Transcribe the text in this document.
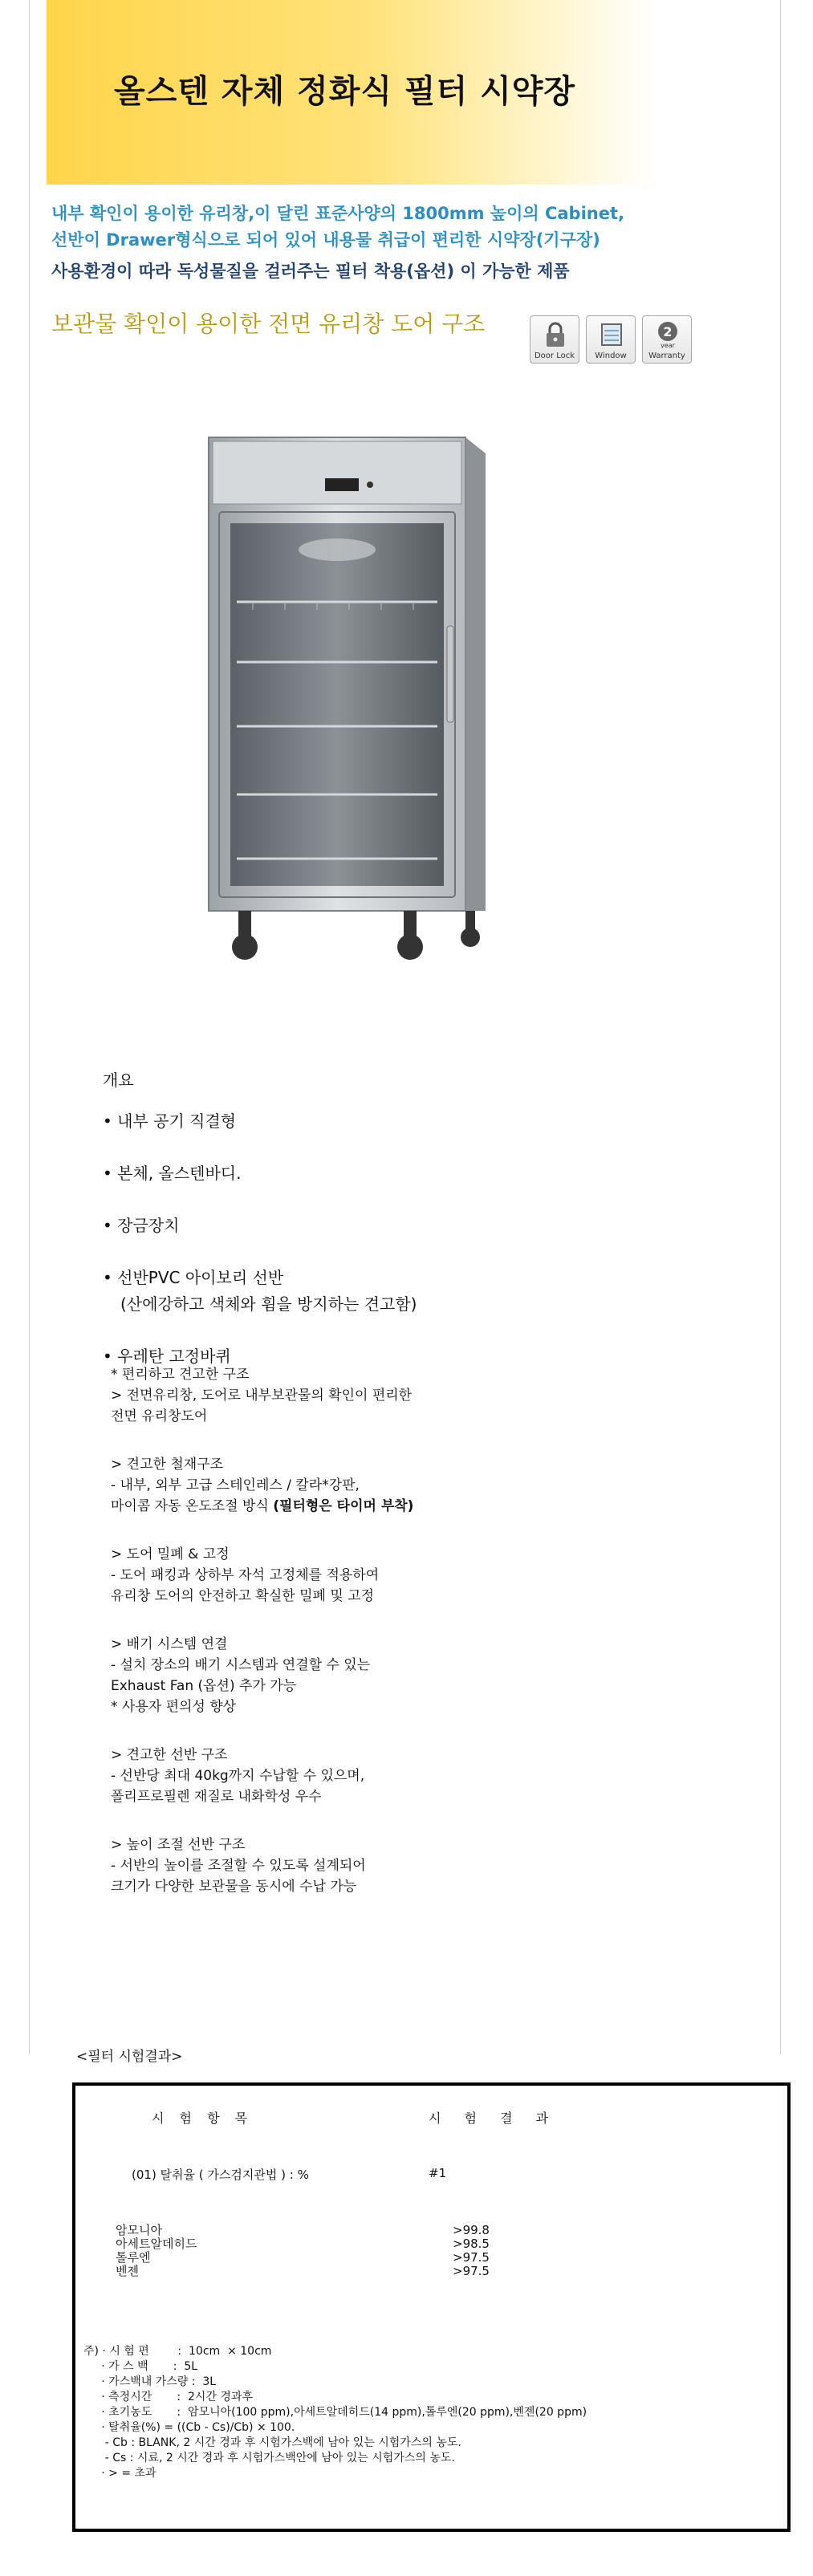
올스텐 자체 정화식 필터 시약장
내부 확인이 용이한 유리창,이 달린 표준사양의 1800mm 높이의 Cabinet,
선반이 Drawer형식으로 되어 있어 내용물 취급이 편리한 시약장(기구장)
사용환경이 따라 독성물질을 걸러주는 필터 착용(옵션) 이 가능한 제품
보관물 확인이 용이한 전면 유리창 도어 구조
Door Lock	Window
2
year
Warranty
개요
• 내부 공기 직결형
• 본체, 올스텐바디.
• 장금장치
• 선반PVC 아이보리 선반
(산에강하고 색체와 휨을 방지하는 견고함)
• 우레탄 고정바퀴
* 편리하고 견고한 구조
> 전면유리창, 도어로 내부보관물의 확인이 편리한
전면 유리창도어
> 견고한 철재구조
- 내부, 외부 고급 스테인레스 / 칼라*강판,
마이콤 자동 온도조절 방식 (필터형은 타이머 부착)
> 도어 밀폐 & 고정
- 도어 패킹과 상하부 자석 고정체를 적용하여
유리창 도어의 안전하고 확실한 밀폐 및 고정
> 배기 시스템 연결
- 설치 장소의 배기 시스템과 연결할 수 있는
Exhaust Fan (옵션) 추가 가능
* 사용자 편의성 향상
> 견고한 선반 구조
- 선반당 최대 40kg까지 수납할 수 있으며,
폴리프로필렌 재질로 내화학성 우수
> 높이 조절 선반 구조
- 서반의 높이를 조절할 수 있도록 설계되어
크기가 다양한 보관물을 동시에 수납 가능
<필터 시험결과>
시 험 항 목	시 험 결 과
(01) 탈취율 ( 가스검지관법 ) : %	#1
암모니아	>99.8
아세트알데히드	>98.5
톨루엔	>97.5
벤젠	>97.5
주) · 시 험 편        :  10cm  × 10cm
· 가 스 백       :  5L
· 가스백내 가스량 :  3L
· 측정시간       :  2시간 경과후
· 초기농도       :  암모니아(100 ppm),아세트알데히드(14 ppm),톨루엔(20 ppm),벤젠(20 ppm)
· 탈취율(%) = ((Cb - Cs)/Cb) × 100.
- Cb : BLANK, 2 시간 경과 후 시험가스백에 남아 있는 시험가스의 농도.
- Cs : 시료, 2 시간 경과 후 시험가스백안에 남아 있는 시험가스의 농도.
· > = 초과
